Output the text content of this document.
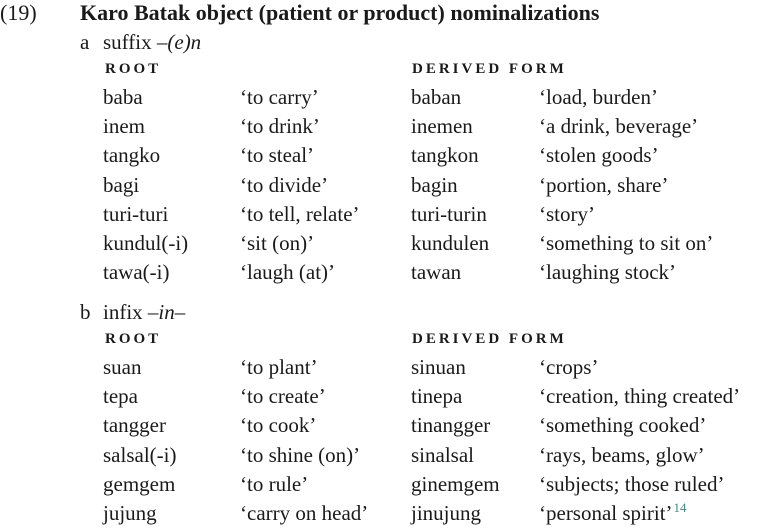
(19) Karo Batak object (patient or product) nominalizations
a suffix –(e)n
ROOT	DERIVED FORM
baba	‘to carry’	baban	‘load, burden’
inem	‘to drink’	inemen	‘a drink, beverage’
tangko	‘to steal’	tangkon	‘stolen goods’
bagi	‘to divide’	bagin	‘portion, share’
turi-turi	‘to tell, relate’ turi-turin ‘story’
kundul(-i) ‘sit (on)’	kundulen ‘something to sit on’
tawa(-i)	‘laugh (at)’	tawan	‘laughing stock’
b infix –in–
ROOT	DERIVED FORM
suan	‘to plant’	sinuan	‘crops’
tepa	‘to create’	tinepa	‘creation, thing created’
tangger	‘to cook’	tinangger ‘something cooked’
salsal(-i)	‘to shine (on)’ sinalsal	‘rays, beams, glow’
gemgem	‘to rule’	ginemgem ‘subjects; those ruled’
jujung	‘carry on head’ jinujung	‘personal spirit’$^{14}$
